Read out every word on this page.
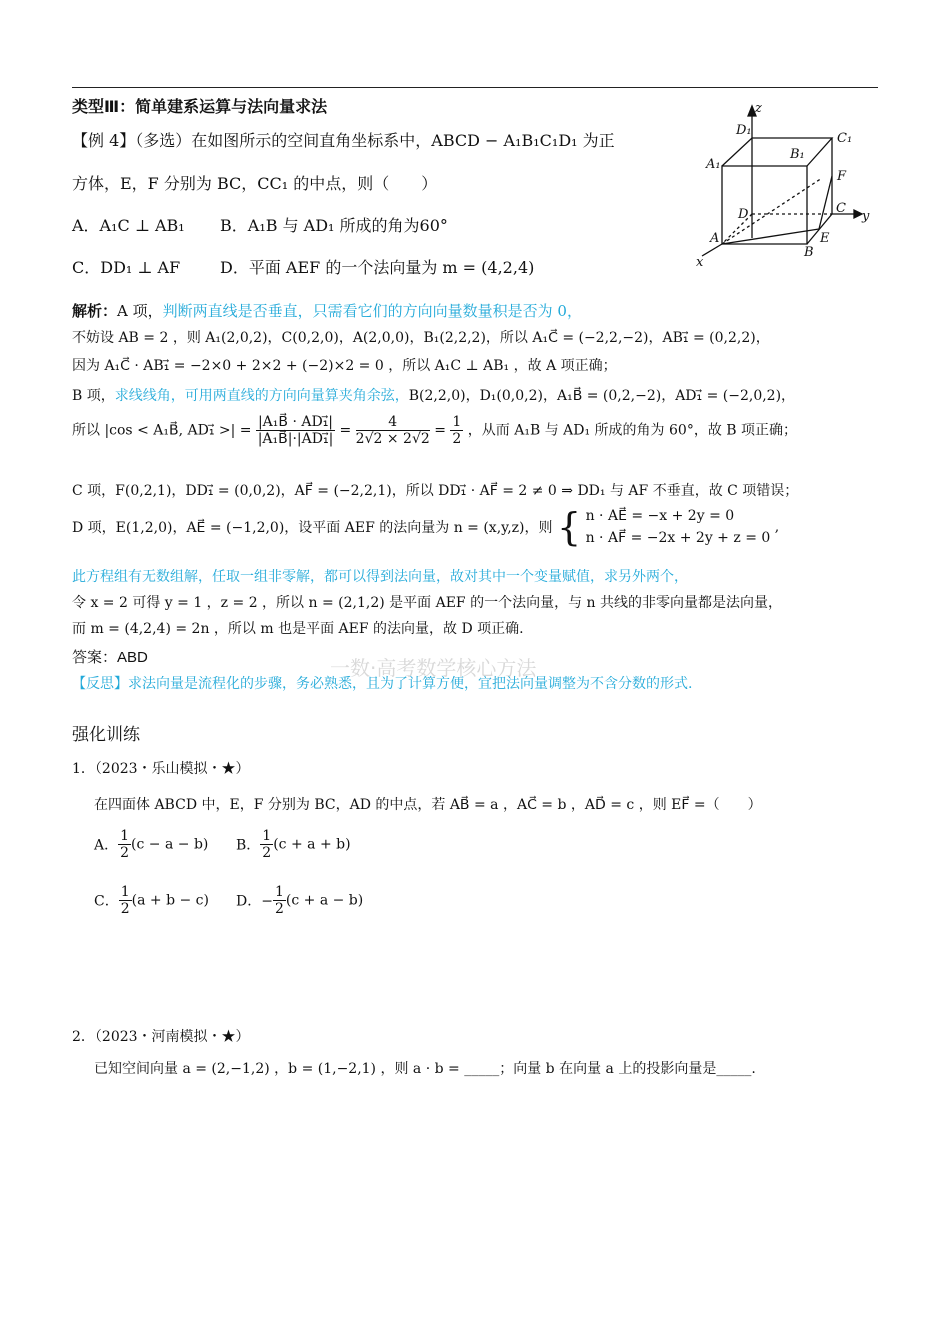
类型Ⅲ：简单建系运算与法向量求法
【例 4】（多选）在如图所示的空间直角坐标系中，ABCD − A₁B₁C₁D₁ 为正
方体，E，F 分别为 BC，CC₁ 的中点，则（　　）
A．A₁C ⊥ AB₁ B．A₁B 与 AD₁ 所成的角为60°
C．DD₁ ⊥ AF D．平面 AEF 的一个法向量为 m = (4,2,4)
z
D₁
C₁
A₁
B₁
F
D	C
y
A	E
B
x
解析：A 项，判断两直线是否垂直，只需看它们的方向向量数量积是否为 0，
不妨设 AB = 2 ，则 A₁(2,0,2)，C(0,2,0)，A(2,0,0)，B₁(2,2,2)，所以 A₁C⃗ = (−2,2,−2)，AB₁⃗ = (0,2,2)，
因为 A₁C⃗ · AB₁⃗ = −2×0 + 2×2 + (−2)×2 = 0 ，所以 A₁C ⊥ AB₁ ，故 A 项正确；
B 项，求线线角，可用两直线的方向向量算夹角余弦，B(2,2,0)，D₁(0,0,2)，A₁B⃗ = (0,2,−2)，AD₁⃗ = (−2,0,2)，
所以 |cos < A₁B⃗, AD₁⃗ >| = $\frac{\text{|A₁B⃗ · AD₁⃗|}}{\text{|A₁B⃗|·|AD₁⃗|}} = \frac{4}{2√2 \times 2√2} = \frac{1}{2}$ ，从而 A₁B 与 AD₁ 所成的角为 60°，故 B 项正确；
C 项，F(0,2,1)，DD₁⃗ = (0,0,2)，AF⃗ = (−2,2,1)，所以 DD₁⃗ · AF⃗ = 2 ≠ 0 ⇒ DD₁ 与 AF 不垂直，故 C 项错误；
D 项，E(1,2,0)，AE⃗ = (−1,2,0)，设平面 AEF 的法向量为 n = (x,y,z)，则 { n · AE⃗ = −x + 2y = 0
n · AF⃗ = −2x + 2y + z = 0
,
此方程组有无数组解，任取一组非零解，都可以得到法向量，故对其中一个变量赋值，求另外两个，
令 x = 2 可得 y = 1 ，z = 2 ，所以 n = (2,1,2) 是平面 AEF 的一个法向量，与 n 共线的非零向量都是法向量，
而 m = (4,2,4) = 2n ，所以 m 也是平面 AEF 的法向量，故 D 项正确.
答案：ABD	一数·高考数学核心方法
【反思】求法向量是流程化的步骤，务必熟悉，且为了计算方便，宜把法向量调整为不含分数的形式.
强化训练
1．（2023・乐山模拟・★）
在四面体 ABCD 中，E，F 分别为 BC，AD 的中点，若 AB⃗ = a ，AC⃗ = b ，AD⃗ = c ，则 EF⃗ =（　　）
A． $\frac{1}{2} (c - a - b)$ B． $\frac{1}{2} (c + a + b)$
C． $\frac{1}{2} (a + b - c)$ D．− $\frac{1}{2} (c + a - b)$
2．（2023・河南模拟・★）
已知空间向量 a = (2,−1,2) ，b = (1,−2,1) ，则 a · b = _____；向量 b 在向量 a 上的投影向量是_____.
